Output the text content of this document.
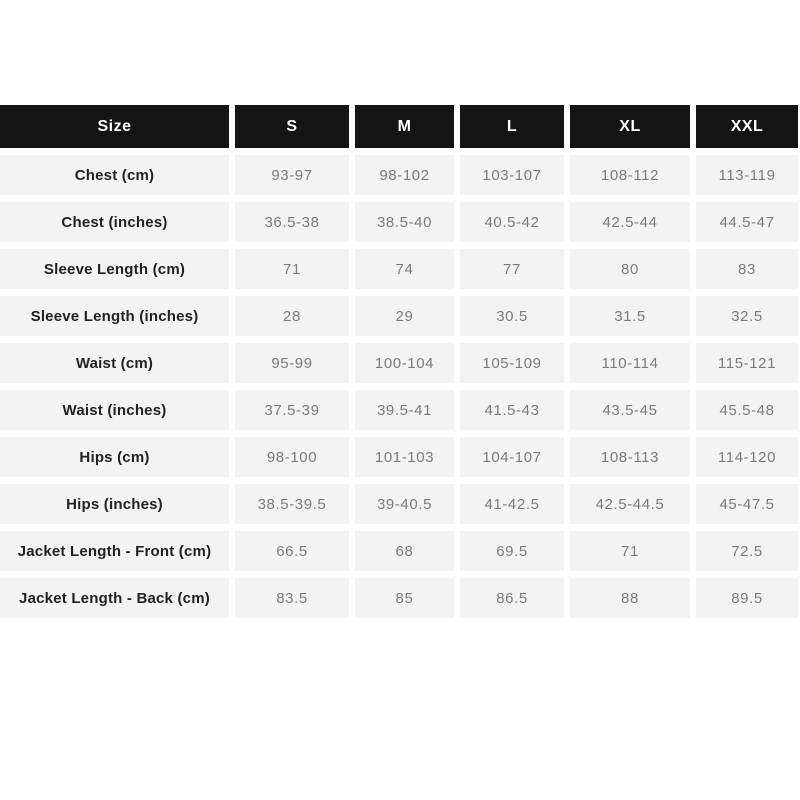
Size	S	M	L	XL	XXL
Chest (cm)	93-97	98-102	103-107	108-112	113-119
Chest (inches)	36.5-38	38.5-40	40.5-42	42.5-44	44.5-47
Sleeve Length (cm)	71	74	77	80	83
Sleeve Length (inches)	28	29	30.5	31.5	32.5
Waist (cm)	95-99	100-104	105-109	110-114	115-121
Waist (inches)	37.5-39	39.5-41	41.5-43	43.5-45	45.5-48
Hips (cm)	98-100	101-103	104-107	108-113	114-120
Hips (inches)	38.5-39.5	39-40.5	41-42.5	42.5-44.5	45-47.5
Jacket Length - Front (cm)	66.5	68	69.5	71	72.5
Jacket Length - Back (cm)	83.5	85	86.5	88	89.5
